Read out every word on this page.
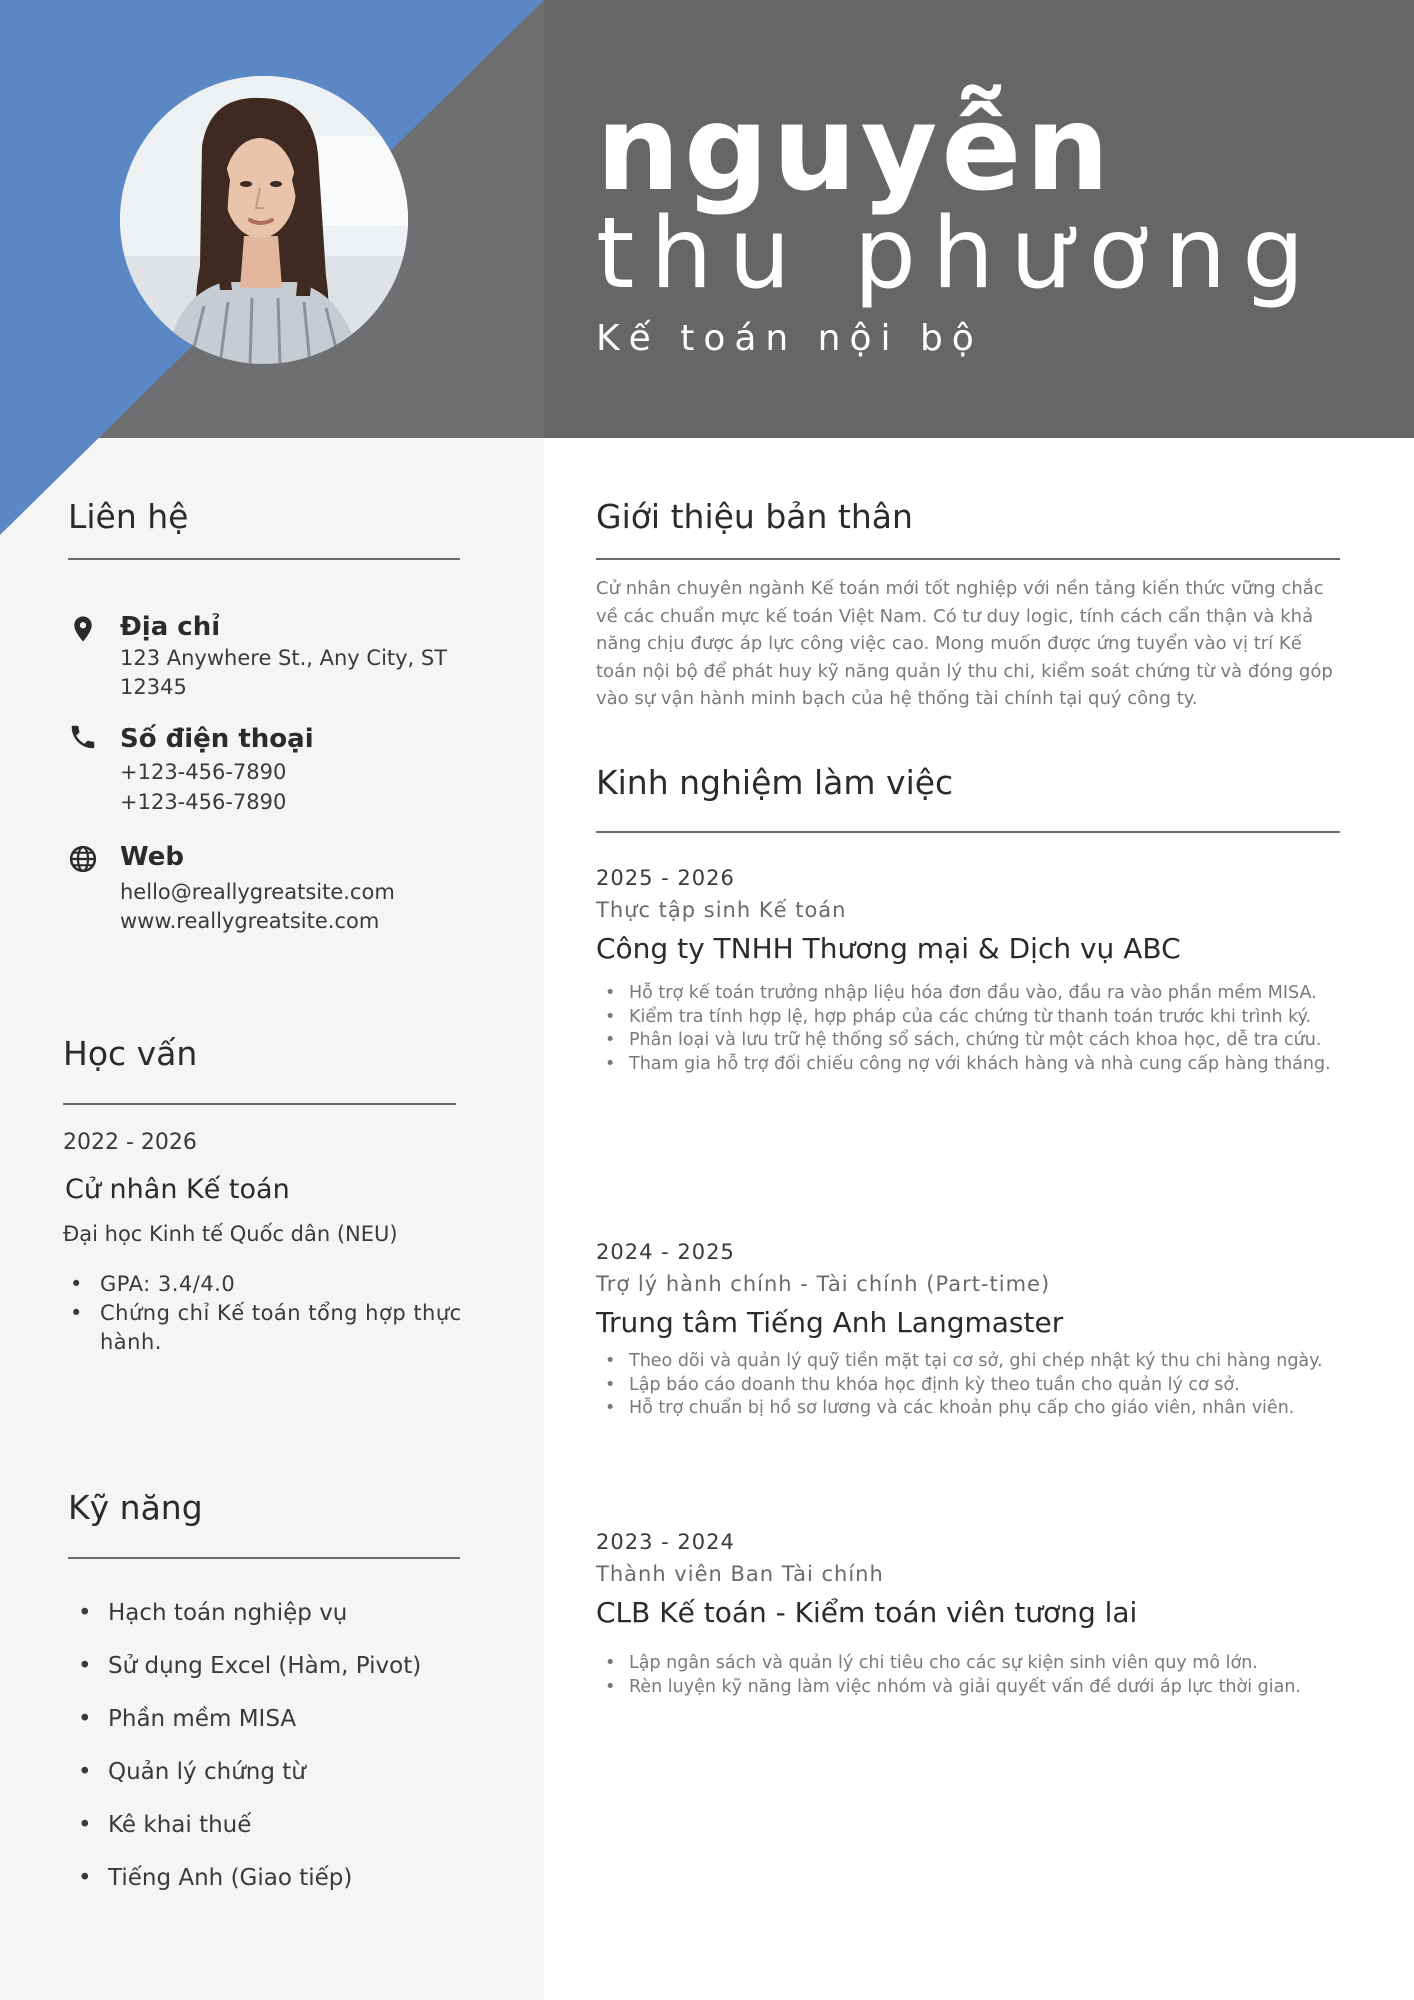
nguyễn
thu phương
Kế toán nội bộ
Liên hệ
Địa chỉ
123 Anywhere St., Any City, ST
12345
Số điện thoại
+123-456-7890
+123-456-7890
Web
hello@reallygreatsite.com
www.reallygreatsite.com
Học vấn
2022 - 2026
Cử nhân Kế toán
Đại học Kinh tế Quốc dân (NEU)
• GPA: 3.4/4.0
• Chứng chỉ Kế toán tổng hợp thực hành.
Kỹ năng
• Hạch toán nghiệp vụ
• Sử dụng Excel (Hàm, Pivot)
• Phần mềm MISA
• Quản lý chứng từ
• Kê khai thuế
• Tiếng Anh (Giao tiếp)
Giới thiệu bản thân
Cử nhân chuyên ngành Kế toán mới tốt nghiệp với nền tảng kiến thức vững chắc về các chuẩn mực kế toán Việt Nam. Có tư duy logic, tính cách cẩn thận và khả năng chịu được áp lực công việc cao. Mong muốn được ứng tuyển vào vị trí Kế toán nội bộ để phát huy kỹ năng quản lý thu chi, kiểm soát chứng từ và đóng góp vào sự vận hành minh bạch của hệ thống tài chính tại quý công ty.
Kinh nghiệm làm việc
2025 - 2026
Thực tập sinh Kế toán
Công ty TNHH Thương mại & Dịch vụ ABC
• Hỗ trợ kế toán trưởng nhập liệu hóa đơn đầu vào, đầu ra vào phần mềm MISA.
• Kiểm tra tính hợp lệ, hợp pháp của các chứng từ thanh toán trước khi trình ký.
• Phân loại và lưu trữ hệ thống sổ sách, chứng từ một cách khoa học, dễ tra cứu.
• Tham gia hỗ trợ đối chiếu công nợ với khách hàng và nhà cung cấp hàng tháng.
2024 - 2025
Trợ lý hành chính - Tài chính (Part-time)
Trung tâm Tiếng Anh Langmaster
• Theo dõi và quản lý quỹ tiền mặt tại cơ sở, ghi chép nhật ký thu chi hàng ngày.
• Lập báo cáo doanh thu khóa học định kỳ theo tuần cho quản lý cơ sở.
• Hỗ trợ chuẩn bị hồ sơ lương và các khoản phụ cấp cho giáo viên, nhân viên.
2023 - 2024
Thành viên Ban Tài chính
CLB Kế toán - Kiểm toán viên tương lai
• Lập ngân sách và quản lý chi tiêu cho các sự kiện sinh viên quy mô lớn.
• Rèn luyện kỹ năng làm việc nhóm và giải quyết vấn đề dưới áp lực thời gian.
